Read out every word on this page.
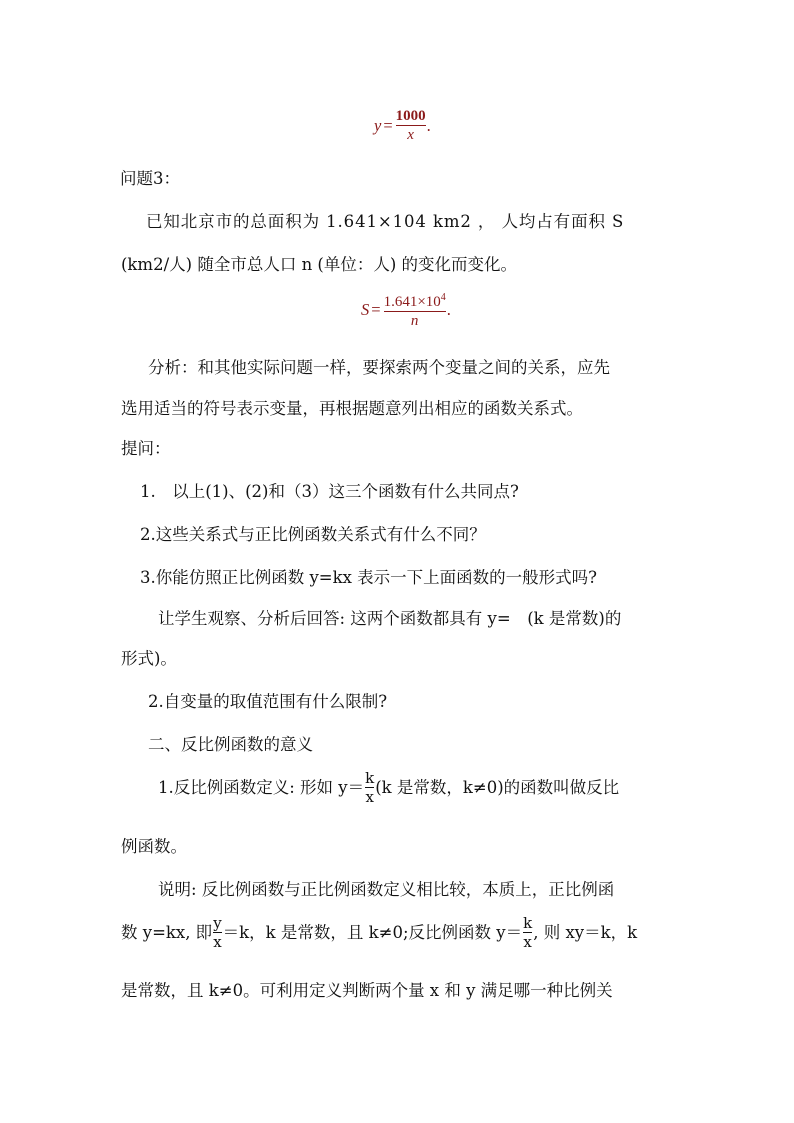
$y = \frac{1000}{x}$ .
问题3：
已知北京市的总面积为 1.641×104 km2 ， 人均占有面积 S
(km2/人) 随全市总人口 n (单位：人) 的变化而变化。
$S = \frac{1.641\times 10^4}{n}$ .
分析：和其他实际问题一样，要探索两个变量之间的关系，应先
选用适当的符号表示变量，再根据题意列出相应的函数关系式。
提问：
1.　以上(1)、(2)和（3）这三个函数有什么共同点?
2.这些关系式与正比例函数关系式有什么不同？
3.你能仿照正比例函数 y=kx 表示一下上面函数的一般形式吗?
让学生观察、分析后回答: 这两个函数都具有 y=　(k 是常数)的
形式)。
2.自变量的取值范围有什么限制?
二、反比例函数的意义
1.反比例函数定义: 形如 $y= \frac{k}{x} (k$ 是常数，k≠0)的函数叫做反比
例函数。
说明: 反比例函数与正比例函数定义相比较，本质上，正比例函
数 y=kx, 即 $\frac{y}{x} =k$，k 是常数，且 k≠0;反比例函数 $y= \frac{k}{x}$ , 则 xy＝k，k
是常数，且 k≠0。可利用定义判断两个量 x 和 y 满足哪一种比例关
